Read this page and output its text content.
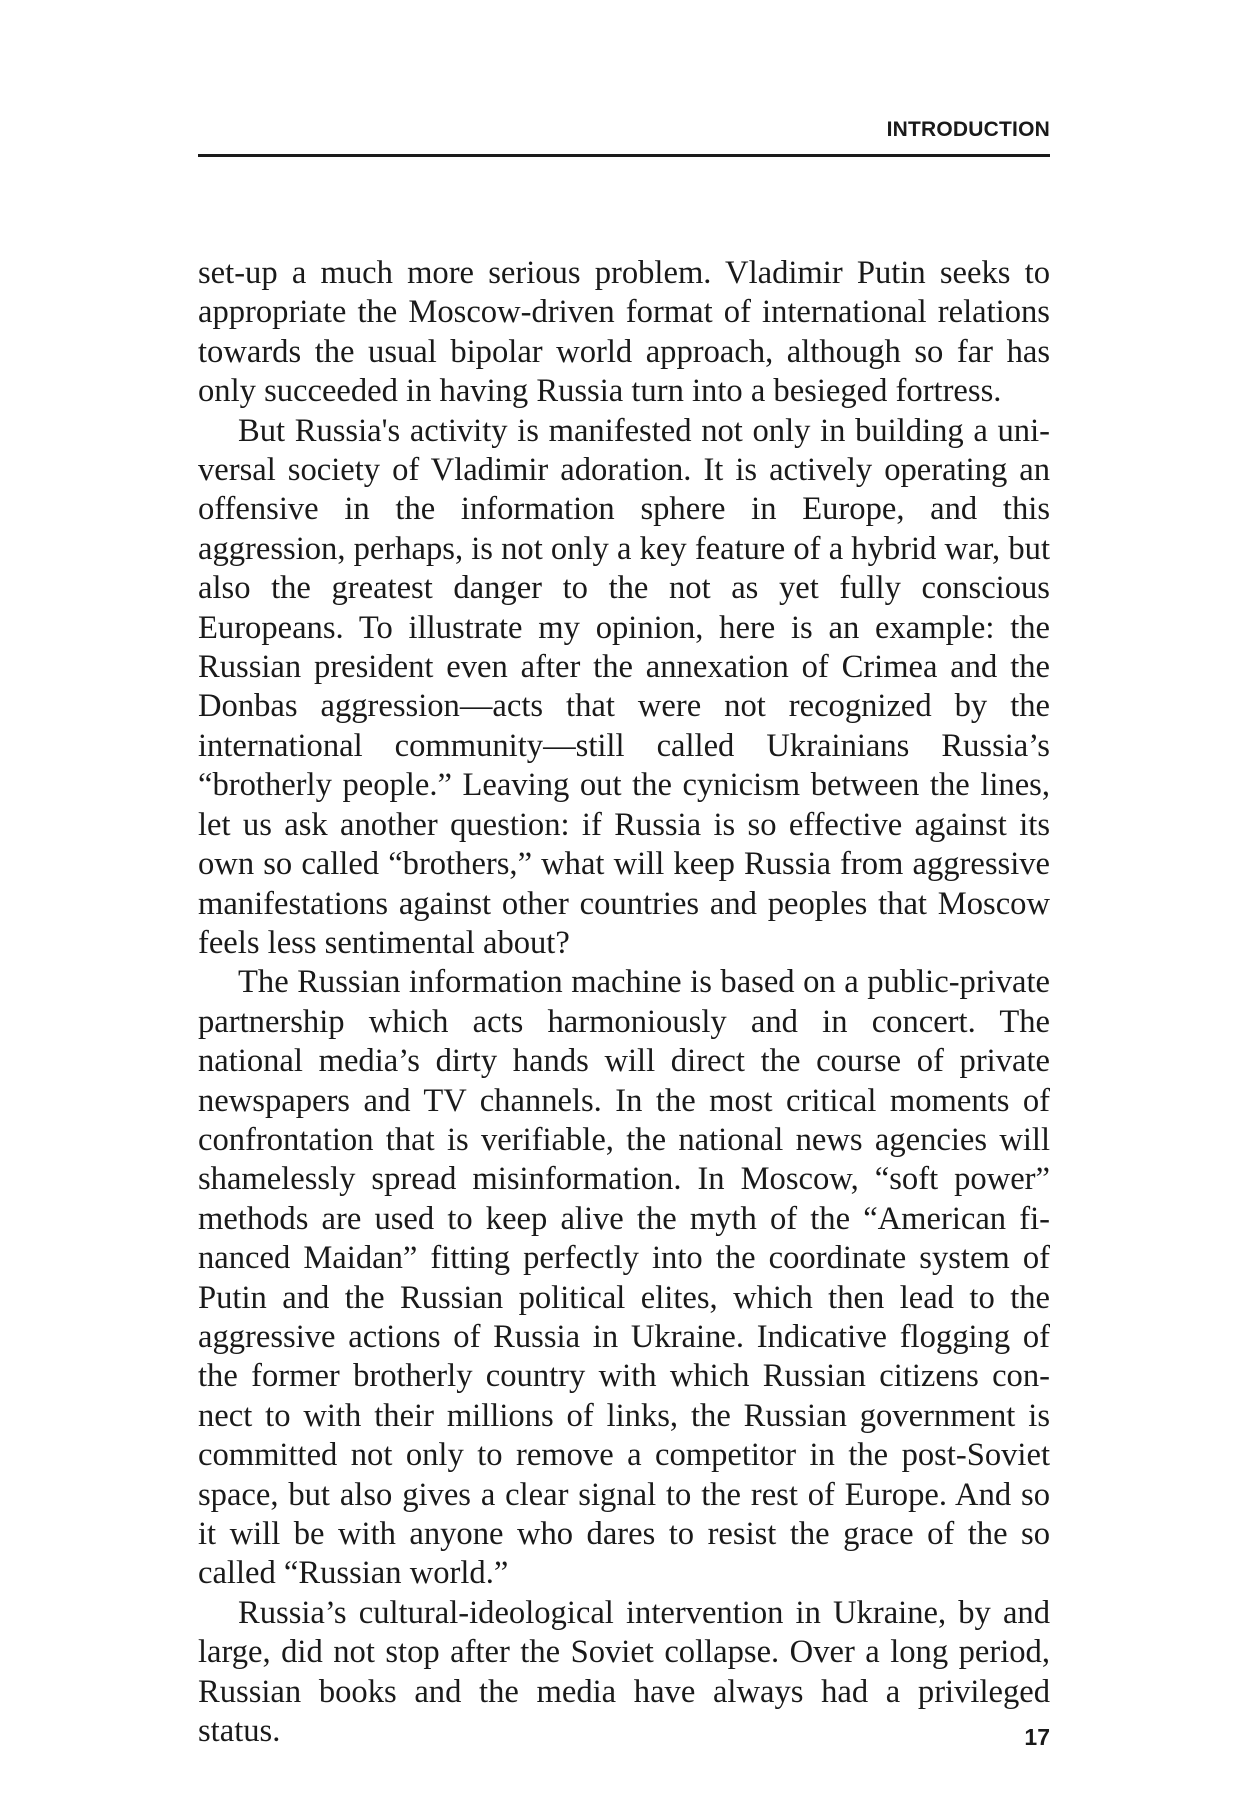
INTRODUCTION

set-up a much more serious problem. Vladimir Putin seeks to appropriate the Moscow-driven format of international relations towards the usual bipolar world approach, although so far has only succeeded in having Russia turn into a besieged fortress.

But Russia's activity is manifested not only in building a universal society of Vladimir adoration. It is actively operating an offensive in the information sphere in Europe, and this aggression, perhaps, is not only a key feature of a hybrid war, but also the greatest danger to the not as yet fully conscious Europeans. To illustrate my opinion, here is an example: the Russian president even after the annexation of Crimea and the Donbas aggression—acts that were not recognized by the international community—still called Ukrainians Russia’s “brotherly people.” Leaving out the cynicism between the lines, let us ask another question: if Russia is so effective against its own so called “brothers,” what will keep Russia from aggressive manifestations against other countries and peoples that Moscow feels less sentimental about?

The Russian information machine is based on a public-private partnership which acts harmoniously and in concert. The national media’s dirty hands will direct the course of private newspapers and TV channels. In the most critical moments of confrontation that is verifiable, the national news agencies will shamelessly spread misinformation. In Moscow, “soft power” methods are used to keep alive the myth of the “American financed Maidan” fitting perfectly into the coordinate system of Putin and the Russian political elites, which then lead to the aggressive actions of Russia in Ukraine. Indicative flogging of the former brotherly country with which Russian citizens connect to with their millions of links, the Russian government is committed not only to remove a competitor in the post-Soviet space, but also gives a clear signal to the rest of Europe. And so it will be with anyone who dares to resist the grace of the so called “Russian world.”

Russia’s cultural-ideological intervention in Ukraine, by and large, did not stop after the Soviet collapse. Over a long period, Russian books and the media have always had a privileged status.	17
